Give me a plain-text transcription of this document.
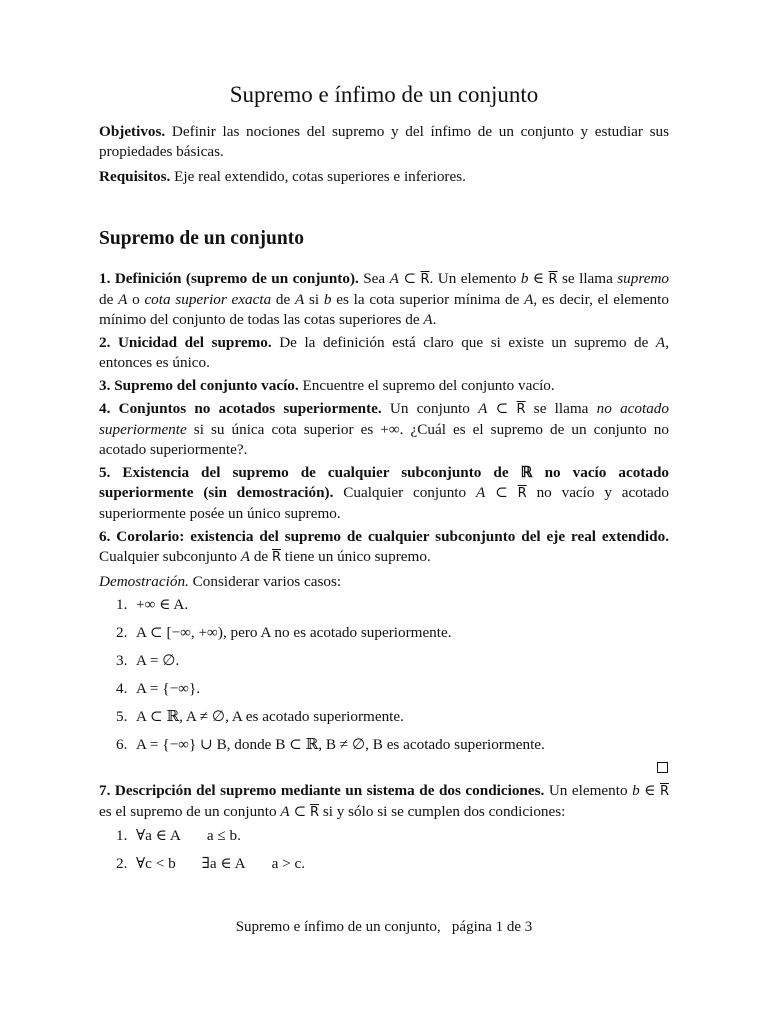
Supremo e ínfimo de un conjunto

Objetivos. Definir las nociones del supremo y del ínfimo de un conjunto y estudiar sus propiedades básicas.

Requisitos. Eje real extendido, cotas superiores e inferiores.

Supremo de un conjunto

1. Definición (supremo de un conjunto). Sea A ⊂ $\overline{R}$. Un elemento b ∈ $\overline{R}$ se llama supremo de A o cota superior exacta de A si b es la cota superior mínima de A, es decir, el elemento mínimo del conjunto de todas las cotas superiores de A.

2. Unicidad del supremo. De la definición está claro que si existe un supremo de A, entonces es único.

3. Supremo del conjunto vacío. Encuentre el supremo del conjunto vacío.

4. Conjuntos no acotados superiormente. Un conjunto A ⊂ $\overline{R}$ se llama no acotado superiormente si su única cota superior es +∞. ¿Cuál es el supremo de un conjunto no acotado superiormente?.

5. Existencia del supremo de cualquier subconjunto de ℝ no vacío acotado superiormente (sin demostración). Cualquier conjunto A ⊂ $\overline{R}$ no vacío y acotado superiormente posée un único supremo.

6. Corolario: existencia del supremo de cualquier subconjunto del eje real extendido. Cualquier subconjunto A de $\overline{R}$ tiene un único supremo.

Demostración. Considerar varios casos:

1. +∞ ∈ A.
2. A ⊂ [−∞, +∞), pero A no es acotado superiormente.
3. A = ∅.
4. A = {−∞}.
5. A ⊂ ℝ, A ≠ ∅, A es acotado superiormente.
6. A = {−∞} ∪ B, donde B ⊂ ℝ, B ≠ ∅, B es acotado superiormente.

7. Descripción del supremo mediante un sistema de dos condiciones. Un elemento b ∈ $\overline{R}$ es el supremo de un conjunto A ⊂ $\overline{R}$ si y sólo si se cumplen dos condiciones:

1. ∀a ∈ A a ≤ b.
2. ∀c < b ∃a ∈ A a > c.
Supremo e ínfimo de un conjunto,   página 1 de 3
